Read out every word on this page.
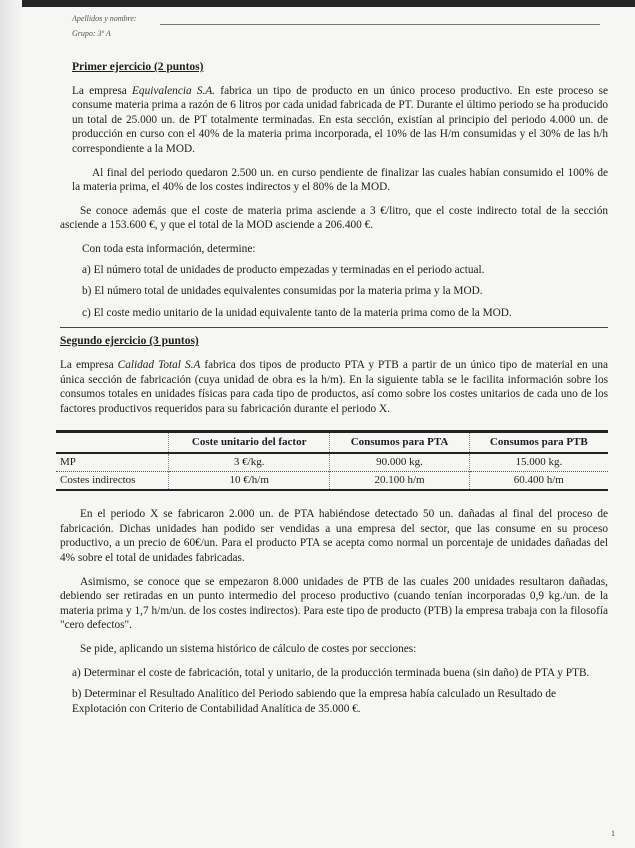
Apellidos y nombre:
Grupo: 3º A
Primer ejercicio (2 puntos)

La empresa Equivalencia S.A. fabrica un tipo de producto en un único proceso productivo. En este proceso se consume materia prima a razón de 6 litros por cada unidad fabricada de PT. Durante el último periodo se ha producido un total de 25.000 un. de PT totalmente terminadas. En esta sección, existían al principio del periodo 4.000 un. de producción en curso con el 40% de la materia prima incorporada, el 10% de las H/m consumidas y el 30% de las h/h correspondiente a la MOD.

Al final del periodo quedaron 2.500 un. en curso pendiente de finalizar las cuales habían consumido el 100% de la materia prima, el 40% de los costes indirectos y el 80% de la MOD.

Se conoce además que el coste de materia prima asciende a 3 €/litro, que el coste indirecto total de la sección asciende a 153.600 €, y que el total de la MOD asciende a 206.400 €.

Con toda esta información, determine:

a) El número total de unidades de producto empezadas y terminadas en el periodo actual.
b) El número total de unidades equivalentes consumidas por la materia prima y la MOD.
c) El coste medio unitario de la unidad equivalente tanto de la materia prima como de la MOD.
Segundo ejercicio (3 puntos)

La empresa Calidad Total S.A fabrica dos tipos de producto PTA y PTB a partir de un único tipo de material en una única sección de fabricación (cuya unidad de obra es la h/m). En la siguiente tabla se le facilita información sobre los consumos totales en unidades físicas para cada tipo de productos, así como sobre los costes unitarios de cada uno de los factores productivos requeridos para su fabricación durante el periodo X.

	Coste unitario del factor	Consumos para PTA	Consumos para PTB
MP	3 €/kg.	90.000 kg.	15.000 kg.
Costes indirectos	10 €/h/m	20.100 h/m	60.400 h/m

En el periodo X se fabricaron 2.000 un. de PTA habiéndose detectado 50 un. dañadas al final del proceso de fabricación. Dichas unidades han podido ser vendidas a una empresa del sector, que las consume en su proceso productivo, a un precio de 60€/un. Para el producto PTA se acepta como normal un porcentaje de unidades dañadas del 4% sobre el total de unidades fabricadas.

Asimismo, se conoce que se empezaron 8.000 unidades de PTB de las cuales 200 unidades resultaron dañadas, debiendo ser retiradas en un punto intermedio del proceso productivo (cuando tenían incorporadas 0,9 kg./un. de la materia prima y 1,7 h/m/un. de los costes indirectos). Para este tipo de producto (PTB) la empresa trabaja con la filosofía "cero defectos".

Se pide, aplicando un sistema histórico de cálculo de costes por secciones:

a) Determinar el coste de fabricación, total y unitario, de la producción terminada buena (sin daño) de PTA y PTB.
b) Determinar el Resultado Analítico del Periodo sabiendo que la empresa había calculado un Resultado de Explotación con Criterio de Contabilidad Analítica de 35.000 €.
1
